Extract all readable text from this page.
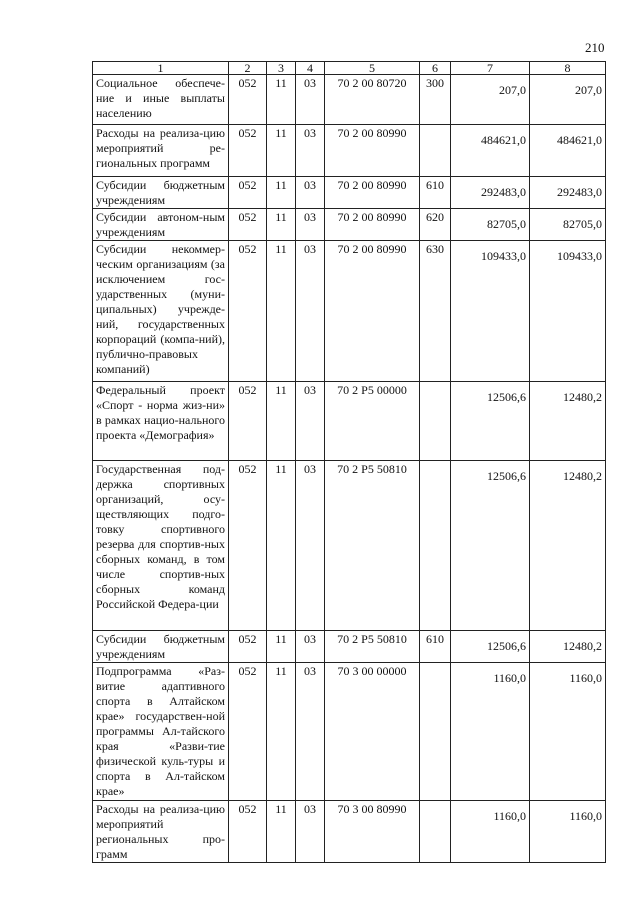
210
1	2	3	4	5	6	7	8
Социальное обеспече-ние и иные выплаты населению	052	11	03	70 2 00 80720	300	207,0	207,0
Расходы на реализа-цию мероприятий ре-гиональных программ	052	11	03	70 2 00 80990		484621,0	484621,0
Субсидии бюджетным учреждениям	052	11	03	70 2 00 80990	610	292483,0	292483,0
Субсидии автоном-ным учреждениям	052	11	03	70 2 00 80990	620	82705,0	82705,0
Субсидии некоммер-ческим организациям (за исключением гос-ударственных (муни-ципальных) учрежде-ний, государственных корпораций (компа-ний), публично-правовых компаний)	052	11	03	70 2 00 80990	630	109433,0	109433,0
Федеральный проект «Спорт - норма жиз-ни» в рамках нацио-нального проекта «Демография»	052	11	03	70 2 P5 00000		12506,6	12480,2
Государственная под-держка спортивных организаций, осу-ществляющих подго-товку спортивного резерва для спортив-ных сборных команд, в том числе спортив-ных сборных команд Российской Федера-ции	052	11	03	70 2 P5 50810		12506,6	12480,2
Субсидии бюджетным учреждениям	052	11	03	70 2 P5 50810	610	12506,6	12480,2
Подпрограмма «Раз-витие адаптивного спорта в Алтайском крае» государствен-ной программы Ал-тайского края «Разви-тие физической куль-туры и спорта в Ал-тайском крае»	052	11	03	70 3 00 00000		1160,0	1160,0
Расходы на реализа-цию мероприятий региональных про-грамм	052	11	03	70 3 00 80990		1160,0	1160,0
